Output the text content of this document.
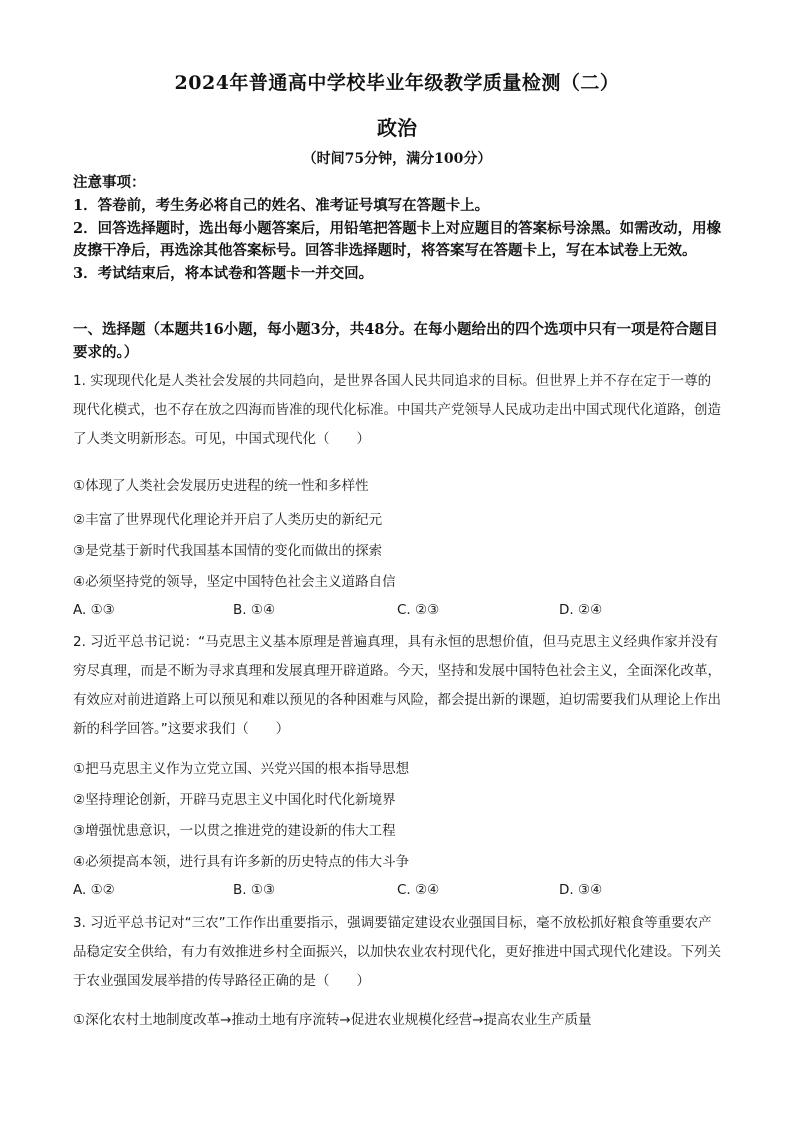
2024年普通高中学校毕业年级教学质量检测（二）
政治
（时间75分钟，满分100分）

注意事项：

1．答卷前，考生务必将自己的姓名、准考证号填写在答题卡上。

2．回答选择题时，选出每小题答案后，用铅笔把答题卡上对应题目的答案标号涂黑。如需改动，用橡皮擦干净后，再选涂其他答案标号。回答非选择题时，将答案写在答题卡上，写在本试卷上无效。

3．考试结束后，将本试卷和答题卡一并交回。

一、选择题（本题共16小题，每小题3分，共48分。在每小题给出的四个选项中只有一项是符合题目要求的。）

1. 实现现代化是人类社会发展的共同趋向，是世界各国人民共同追求的目标。但世界上并不存在定于一尊的现代化模式，也不存在放之四海而皆准的现代化标准。中国共产党领导人民成功走出中国式现代化道路，创造了人类文明新形态。可见，中国式现代化（　　）

①体现了人类社会发展历史进程的统一性和多样性
②丰富了世界现代化理论并开启了人类历史的新纪元
③是党基于新时代我国基本国情的变化而做出的探索
④必须坚持党的领导，坚定中国特色社会主义道路自信
A. ①③	B. ①④	C. ②③	D. ②④

2. 习近平总书记说：“马克思主义基本原理是普遍真理，具有永恒的思想价值，但马克思主义经典作家并没有穷尽真理，而是不断为寻求真理和发展真理开辟道路。今天，坚持和发展中国特色社会主义，全面深化改革，有效应对前进道路上可以预见和难以预见的各种困难与风险，都会提出新的课题，迫切需要我们从理论上作出新的科学回答。”这要求我们（　　）

①把马克思主义作为立党立国、兴党兴国的根本指导思想
②坚持理论创新，开辟马克思主义中国化时代化新境界
③增强忧患意识，一以贯之推进党的建设新的伟大工程
④必须提高本领，进行具有许多新的历史特点的伟大斗争
A. ①②	B. ①③	C. ②④	D. ③④

3. 习近平总书记对“三农”工作作出重要指示，强调要锚定建设农业强国目标，毫不放松抓好粮食等重要农产品稳定安全供给，有力有效推进乡村全面振兴，以加快农业农村现代化，更好推进中国式现代化建设。下列关于农业强国发展举措的传导路径正确的是（　　）

①深化农村土地制度改革→推动土地有序流转→促进农业规模化经营→提高农业生产质量
